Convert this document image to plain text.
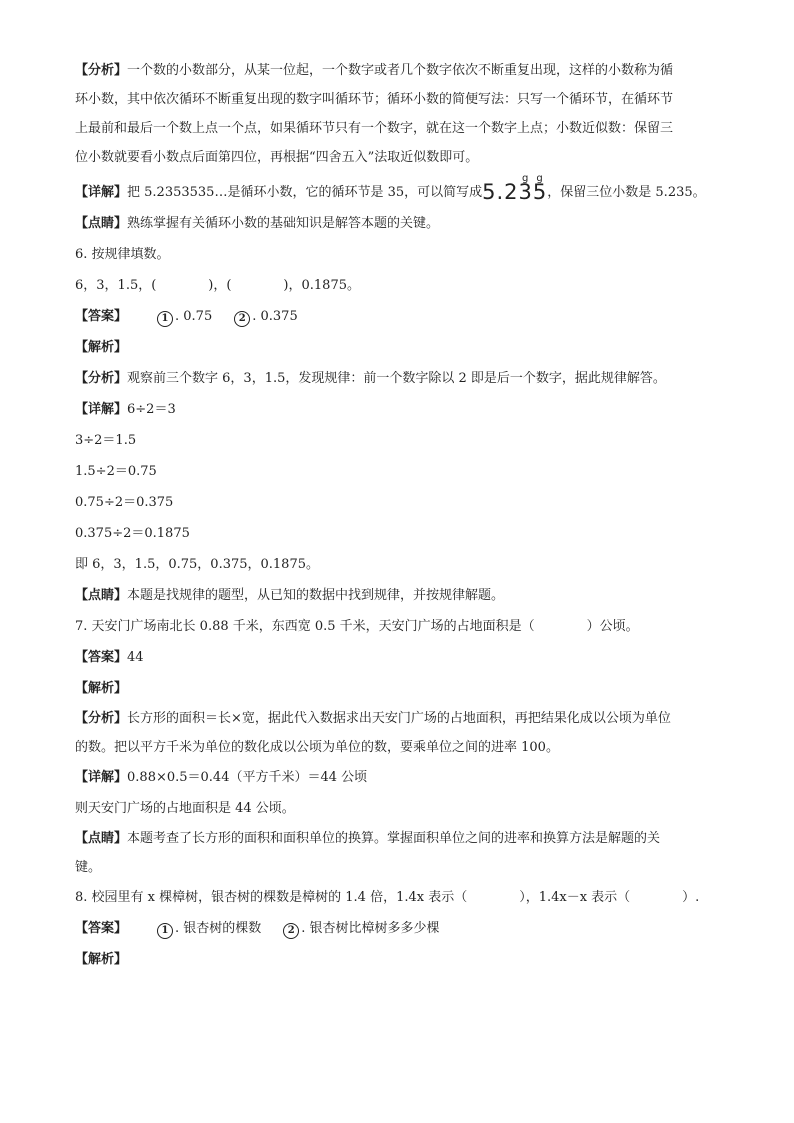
【分析】一个数的小数部分，从某一位起，一个数字或者几个数字依次不断重复出现，这样的小数称为循
环小数，其中依次循环不断重复出现的数字叫循环节；循环小数的简便写法：只写一个循环节，在循环节
上最前和最后一个数上点一个点，如果循环节只有一个数字，就在这一个数字上点；小数近似数：保留三
位小数就要看小数点后面第四位，再根据“四舍五入”法取近似数即可。
【详解】把 5.2353535…是循环小数，它的循环节是 35，可以简写成5.2g 3g 5，保留三位小数是 5.235。
【点睛】熟练掌握有关循环小数的基础知识是解答本题的关键。
6. 按规律填数。
6，3，1.5，(　　　　)，(　　　　)，0.1875。
【答案】	1 . 0.75	2 . 0.375
【解析】
【分析】观察前三个数字 6，3，1.5，发现规律：前一个数字除以 2 即是后一个数字，据此规律解答。
【详解】6÷2＝3
3÷2＝1.5
1.5÷2＝0.75
0.75÷2＝0.375
0.375÷2＝0.1875
即 6，3，1.5，0.75，0.375，0.1875。
【点睛】本题是找规律的题型，从已知的数据中找到规律，并按规律解题。
7. 天安门广场南北长 0.88 千米，东西宽 0.5 千米，天安门广场的占地面积是（　　　　）公顷。
【答案】44
【解析】
【分析】长方形的面积＝长×宽，据此代入数据求出天安门广场的占地面积，再把结果化成以公顷为单位
的数。把以平方千米为单位的数化成以公顷为单位的数，要乘单位之间的进率 100。
【详解】0.88×0.5＝0.44（平方千米）＝44 公顷
则天安门广场的占地面积是 44 公顷。
【点睛】本题考查了长方形的面积和面积单位的换算。掌握面积单位之间的进率和换算方法是解题的关
键。
8. 校园里有 x 棵樟树，银杏树的棵数是樟树的 1.4 倍，1.4x 表示（　　　　），1.4x－x 表示（　　　　）.
【答案】	1 . 银杏树的棵数	2 . 银杏树比樟树多多少棵
【解析】
